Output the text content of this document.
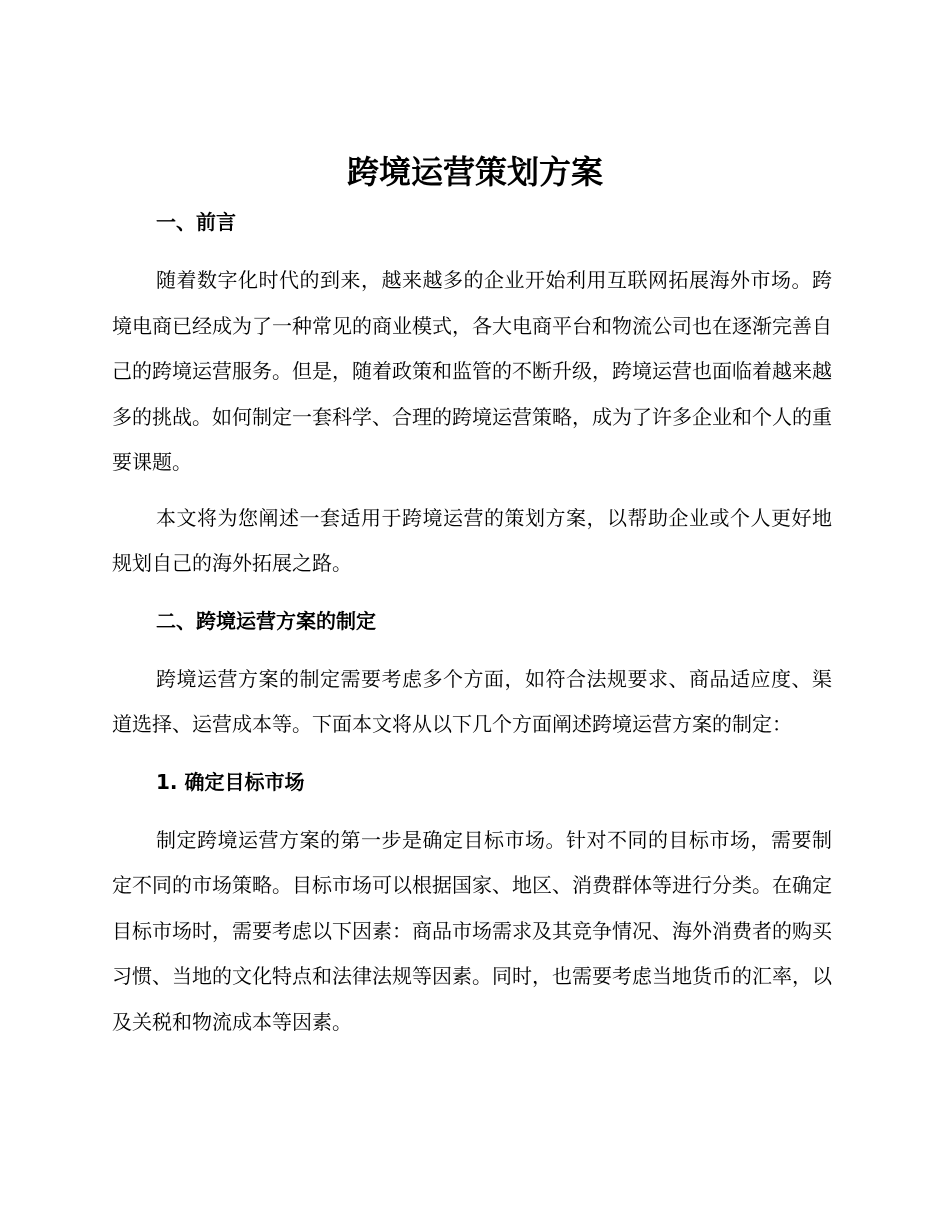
跨境运营策划方案
一、前言

随着数字化时代的到来，越来越多的企业开始利用互联网拓展海外市场。跨境电商已经成为了一种常见的商业模式，各大电商平台和物流公司也在逐渐完善自己的跨境运营服务。但是，随着政策和监管的不断升级，跨境运营也面临着越来越多的挑战。如何制定一套科学、合理的跨境运营策略，成为了许多企业和个人的重要课题。

本文将为您阐述一套适用于跨境运营的策划方案，以帮助企业或个人更好地规划自己的海外拓展之路。

二、跨境运营方案的制定

跨境运营方案的制定需要考虑多个方面，如符合法规要求、商品适应度、渠道选择、运营成本等。下面本文将从以下几个方面阐述跨境运营方案的制定：

1. 确定目标市场

制定跨境运营方案的第一步是确定目标市场。针对不同的目标市场，需要制定不同的市场策略。目标市场可以根据国家、地区、消费群体等进行分类。在确定目标市场时，需要考虑以下因素：商品市场需求及其竞争情况、海外消费者的购买习惯、当地的文化特点和法律法规等因素。同时，也需要考虑当地货币的汇率，以及关税和物流成本等因素。
